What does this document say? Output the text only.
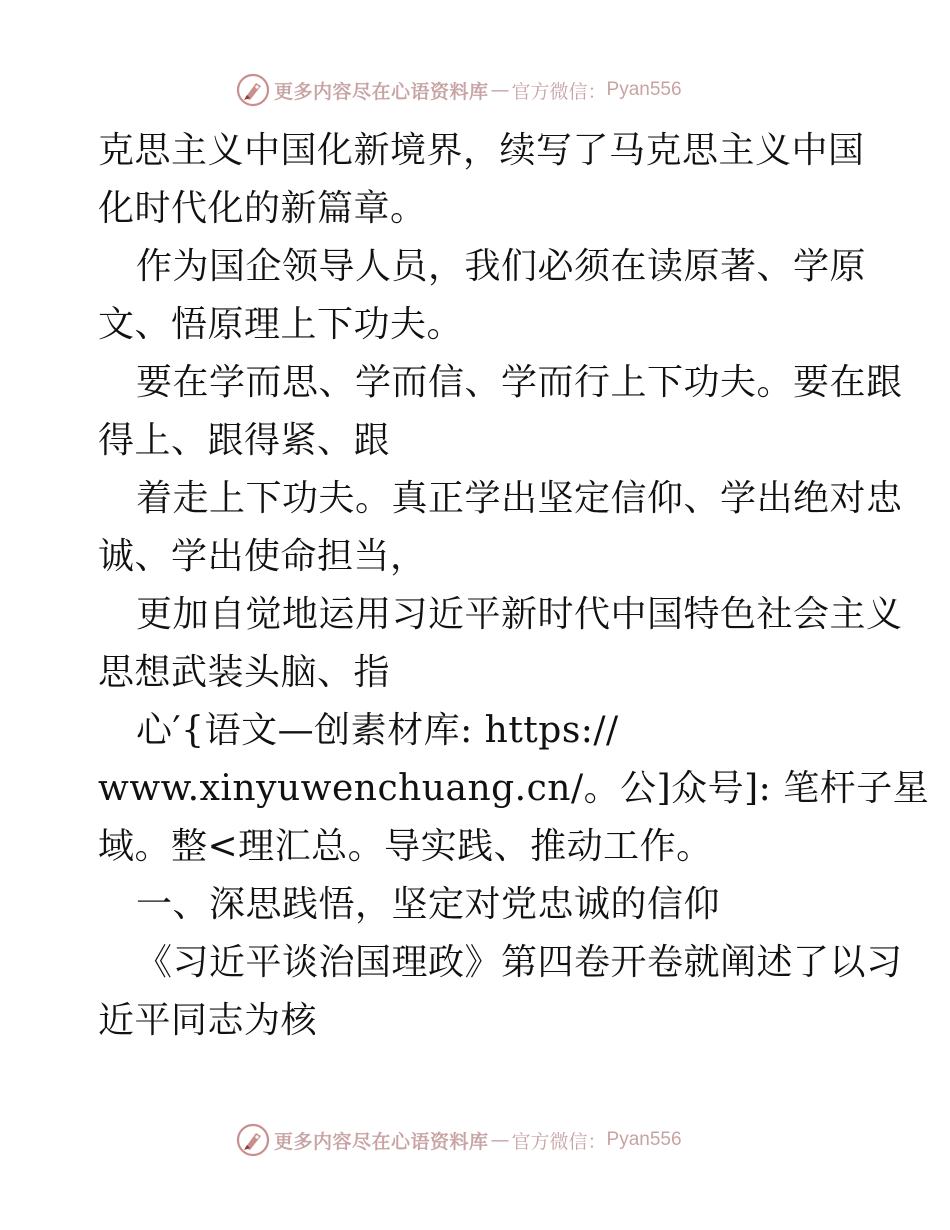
更多内容尽在心语资料库 — 官方微信： Pyan556
克思主义中国化新境界，续写了马克思主义中国
化时代化的新篇章。
作为国企领导人员，我们必须在读原著、学原
文、悟原理上下功夫。
要在学而思、学而信、学而行上下功夫。要在跟
得上、跟得紧、跟
着走上下功夫。真正学出坚定信仰、学出绝对忠
诚、学出使命担当，
更加自觉地运用习近平新时代中国特色社会主义
思想武装头脑、指
心′{语文—创素材库: https://
www.xinyuwenchuang.cn/。公]众号]: 笔杆子星
域。整<理汇总。导实践、推动工作。
一、深思践悟，坚定对党忠诚的信仰
《习近平谈治国理政》第四卷开卷就阐述了以习
近平同志为核
更多内容尽在心语资料库 — 官方微信： Pyan556
